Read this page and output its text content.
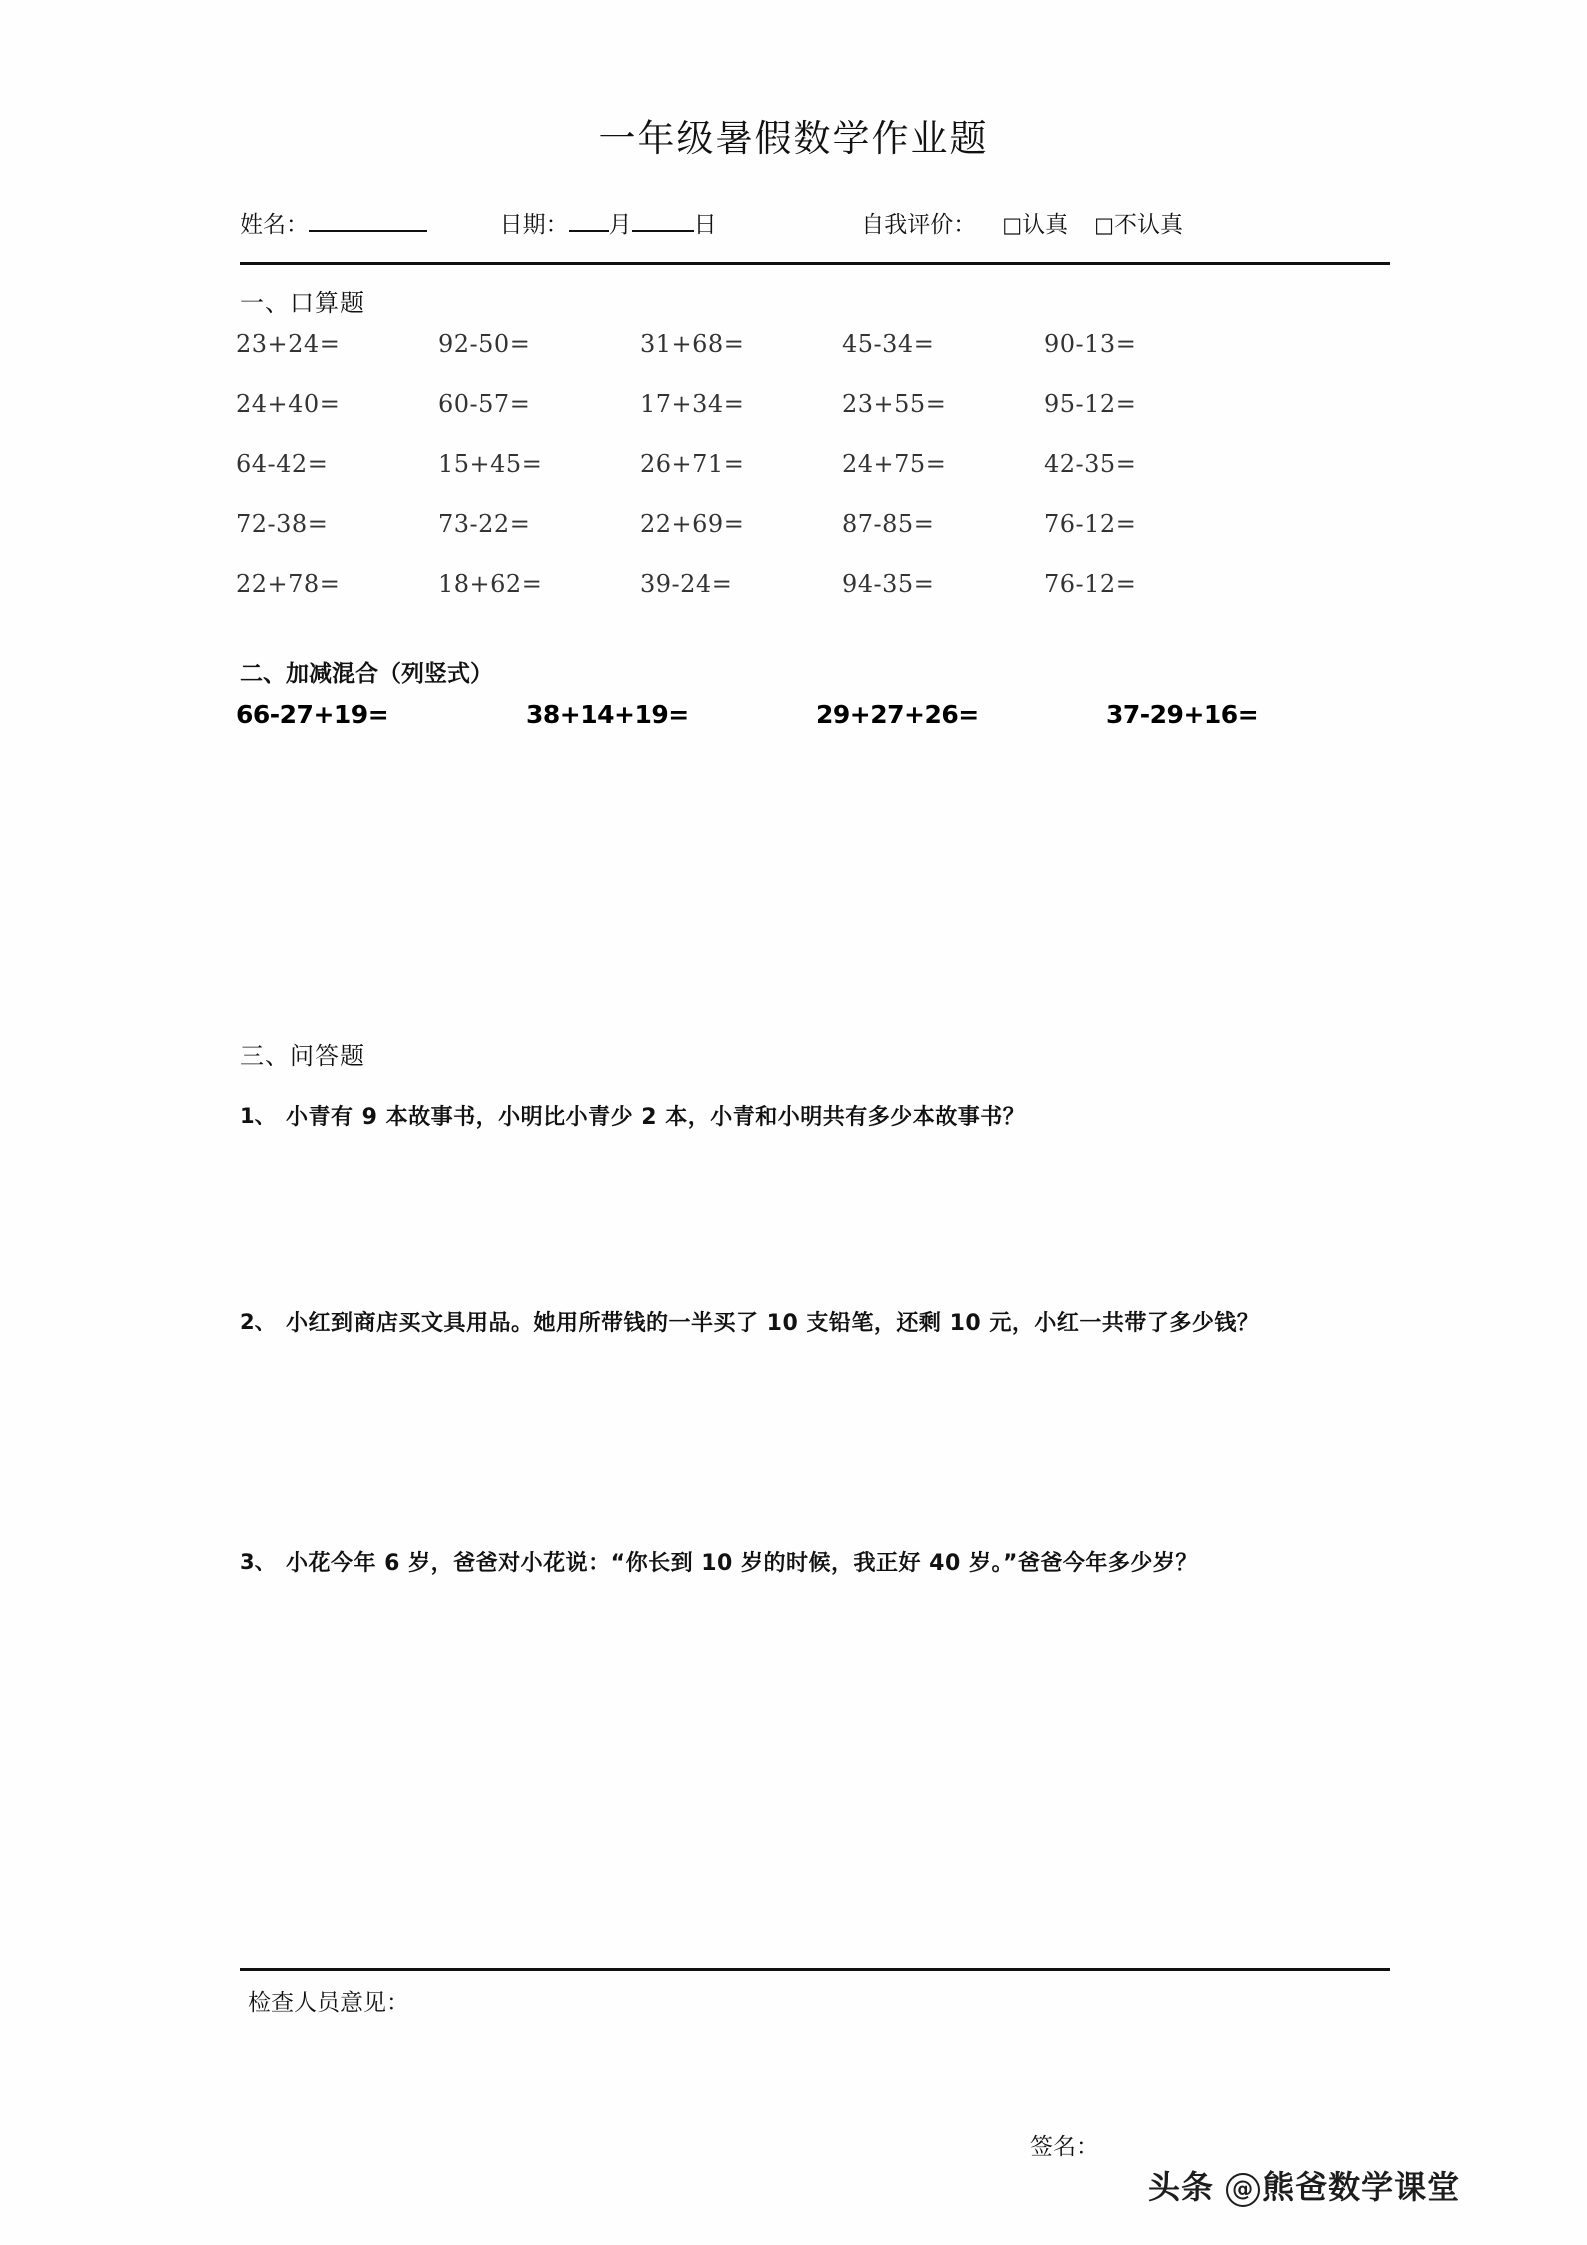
一年级暑假数学作业题
姓名：	日期： 月	日	自我评价： □认真 □不认真
一、口算题
23+24=	92-50=	31+68=	45-34=	90-13=
24+40=	60-57=	17+34=	23+55=	95-12=
64-42=	15+45=	26+71=	24+75=	42-35=
72-38=	73-22=	22+69=	87-85=	76-12=
22+78=	18+62=	39-24=	94-35=	76-12=
二、加减混合（列竖式）
66-27+19=	38+14+19=	29+27+26=	37-29+16=
三、问答题
1、 小青有 9 本故事书，小明比小青少 2 本，小青和小明共有多少本故事书？
2、 小红到商店买文具用品。她用所带钱的一半买了 10 支铅笔，还剩 10 元，小红一共带了多少钱？
3、 小花今年 6 岁，爸爸对小花说：“你长到 10 岁的时候，我正好 40 岁。”爸爸今年多少岁？
检查人员意见：
签名：
头条 @ 熊爸数学课堂
